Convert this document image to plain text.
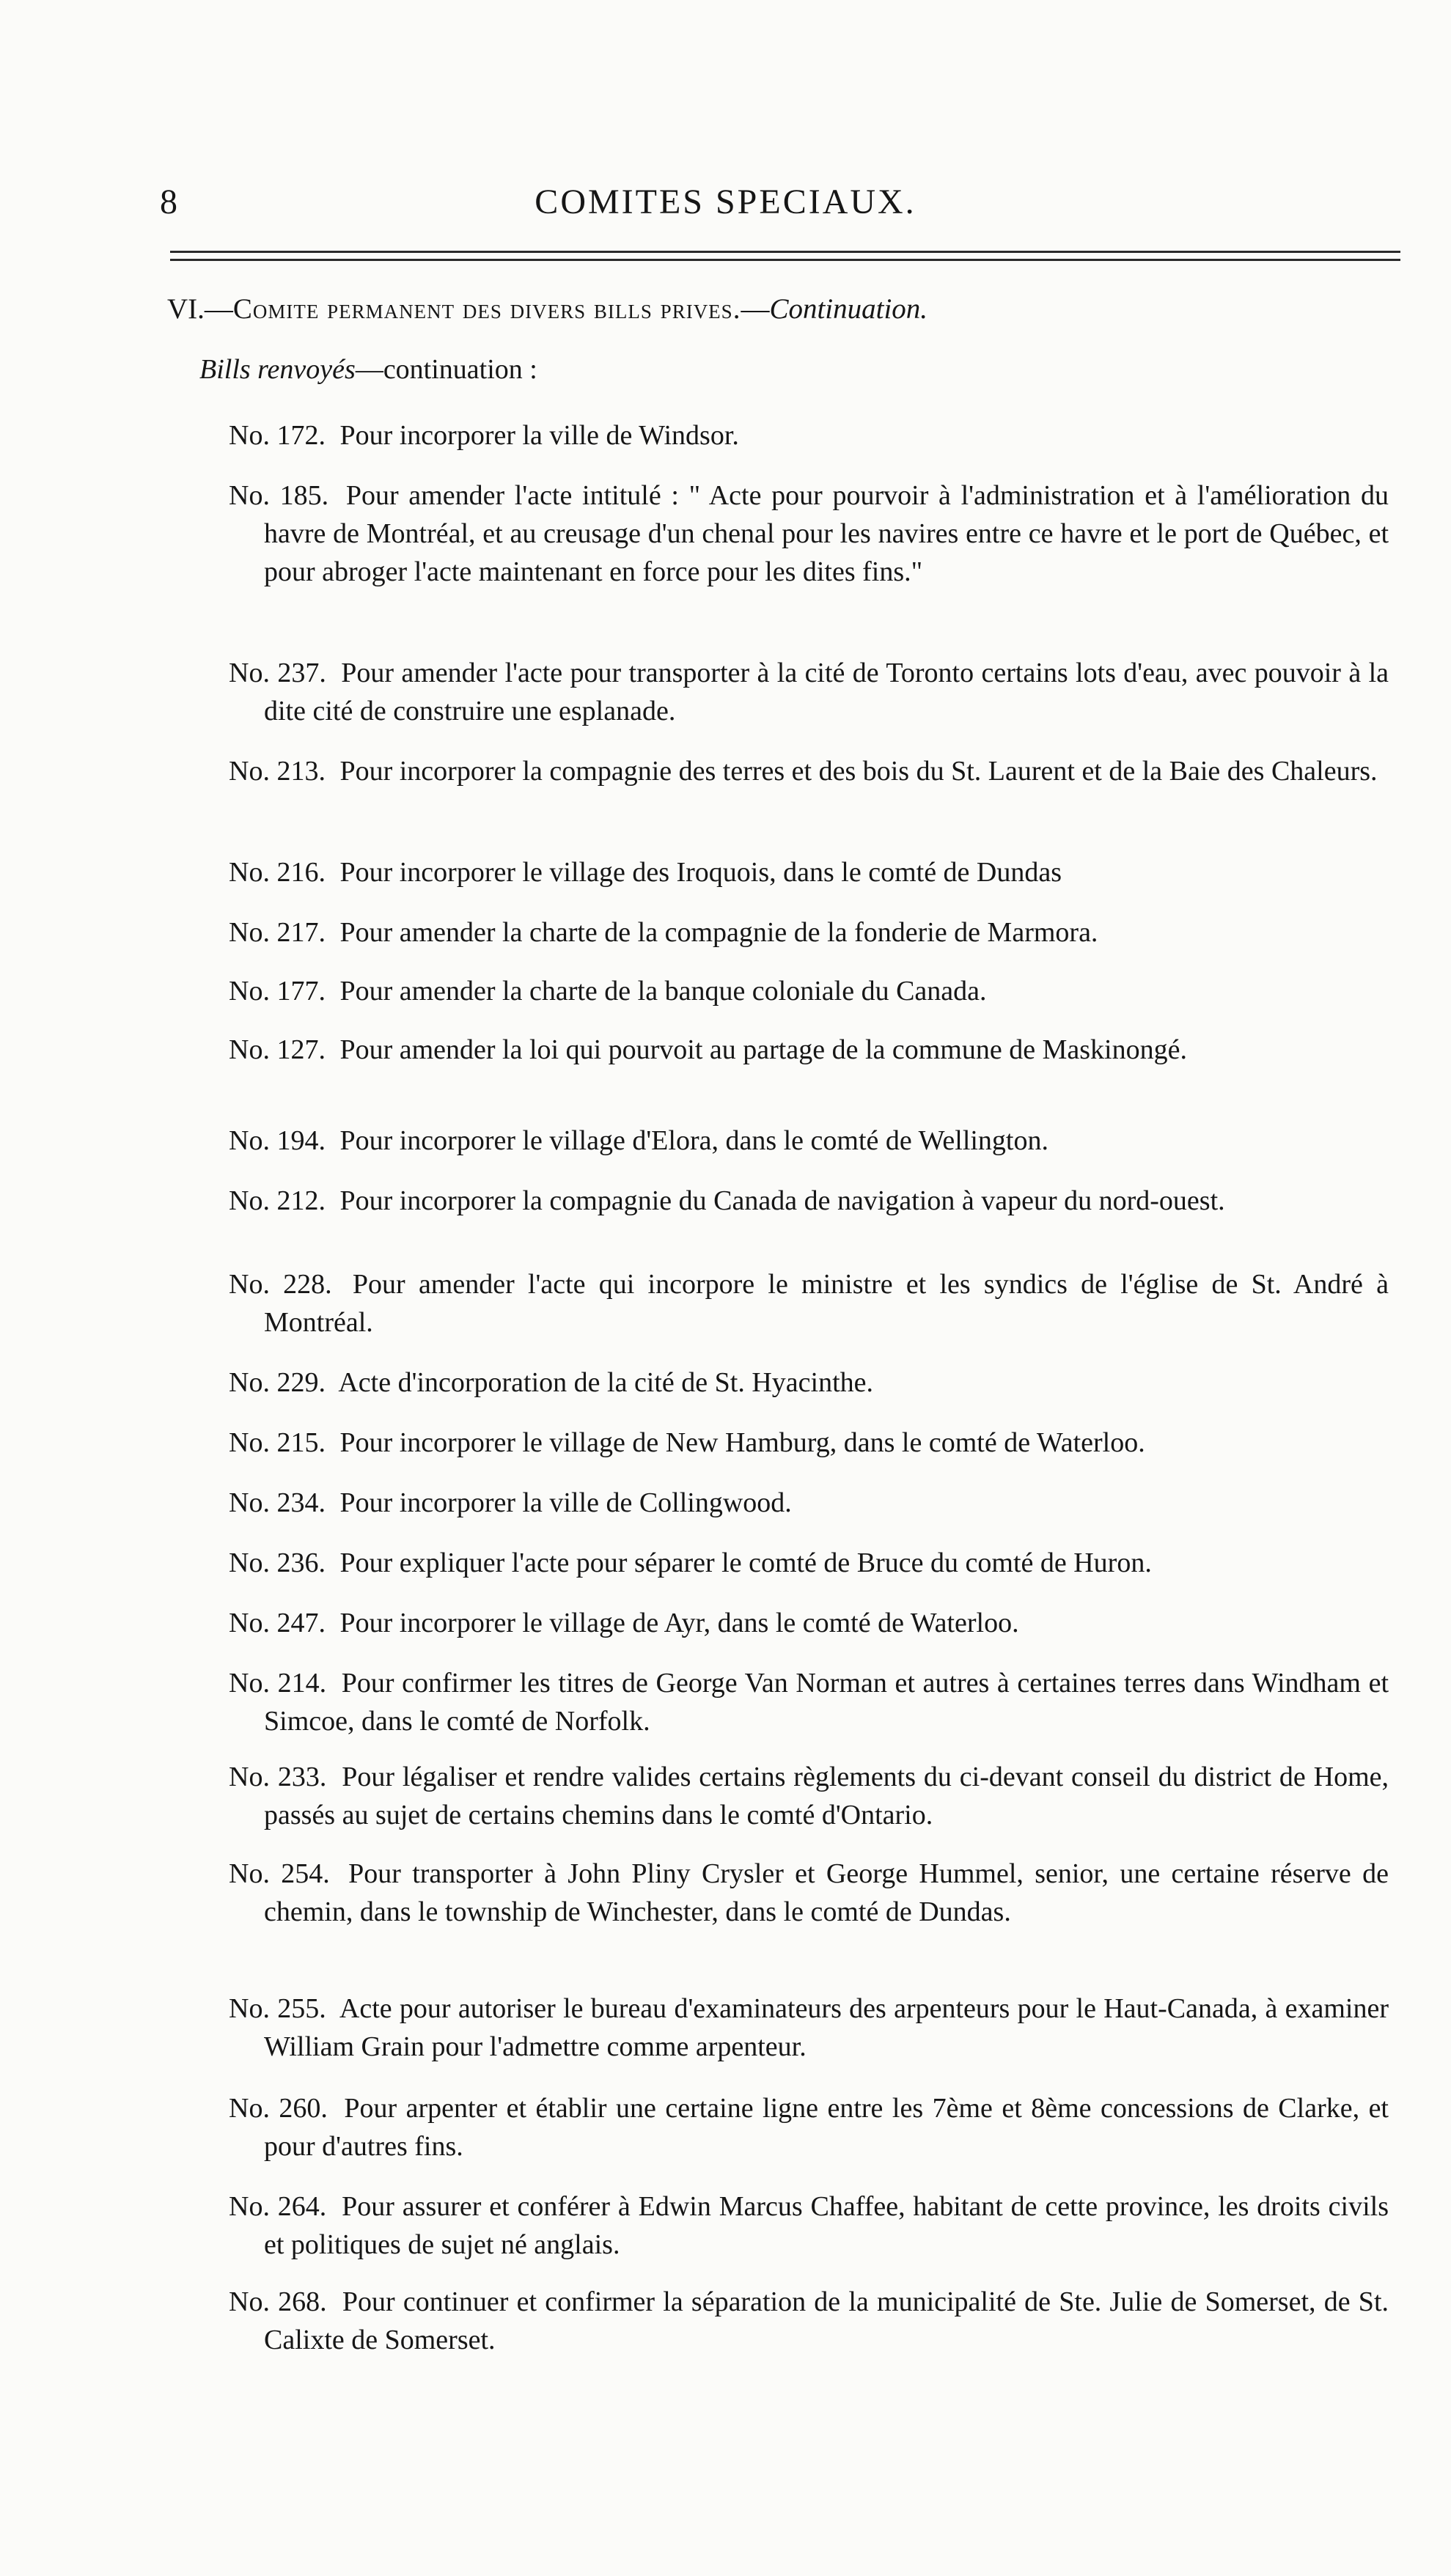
8	COMITES SPECIAUX.
VI.—Comite permanent des divers bills prives.—Continuation.
Bills renvoyés—continuation :
No. 172. Pour incorporer la ville de Windsor.
No. 185. Pour amender l'acte intitulé : " Acte pour pourvoir à l'administration et à l'amélioration du havre de Montréal, et au creusage d'un chenal pour les navires entre ce havre et le port de Québec, et pour abroger l'acte maintenant en force pour les dites fins."
No. 237. Pour amender l'acte pour transporter à la cité de Toronto certains lots d'eau, avec pouvoir à la dite cité de construire une esplanade.
No. 213. Pour incorporer la compagnie des terres et des bois du St. Laurent et de la Baie des Chaleurs.
No. 216. Pour incorporer le village des Iroquois, dans le comté de Dundas
No. 217. Pour amender la charte de la compagnie de la fonderie de Marmora.
No. 177. Pour amender la charte de la banque coloniale du Canada.
No. 127. Pour amender la loi qui pourvoit au partage de la commune de Maskinongé.
No. 194. Pour incorporer le village d'Elora, dans le comté de Wellington.
No. 212. Pour incorporer la compagnie du Canada de navigation à vapeur du nord-ouest.
No. 228. Pour amender l'acte qui incorpore le ministre et les syndics de l'église de St. André à Montréal.
No. 229. Acte d'incorporation de la cité de St. Hyacinthe.
No. 215. Pour incorporer le village de New Hamburg, dans le comté de Waterloo.
No. 234. Pour incorporer la ville de Collingwood.
No. 236. Pour expliquer l'acte pour séparer le comté de Bruce du comté de Huron.
No. 247. Pour incorporer le village de Ayr, dans le comté de Waterloo.
No. 214. Pour confirmer les titres de George Van Norman et autres à certaines terres dans Windham et Simcoe, dans le comté de Norfolk.
No. 233. Pour légaliser et rendre valides certains règlements du ci-devant conseil du district de Home, passés au sujet de certains chemins dans le comté d'Ontario.
No. 254. Pour transporter à John Pliny Crysler et George Hummel, senior, une certaine réserve de chemin, dans le township de Winchester, dans le comté de Dundas.
No. 255. Acte pour autoriser le bureau d'examinateurs des arpenteurs pour le Haut-Canada, à examiner William Grain pour l'admettre comme arpenteur.
No. 260. Pour arpenter et établir une certaine ligne entre les 7ème et 8ème concessions de Clarke, et pour d'autres fins.
No. 264. Pour assurer et conférer à Edwin Marcus Chaffee, habitant de cette province, les droits civils et politiques de sujet né anglais.
No. 268. Pour continuer et confirmer la séparation de la municipalité de Ste. Julie de Somerset, de St. Calixte de Somerset.
